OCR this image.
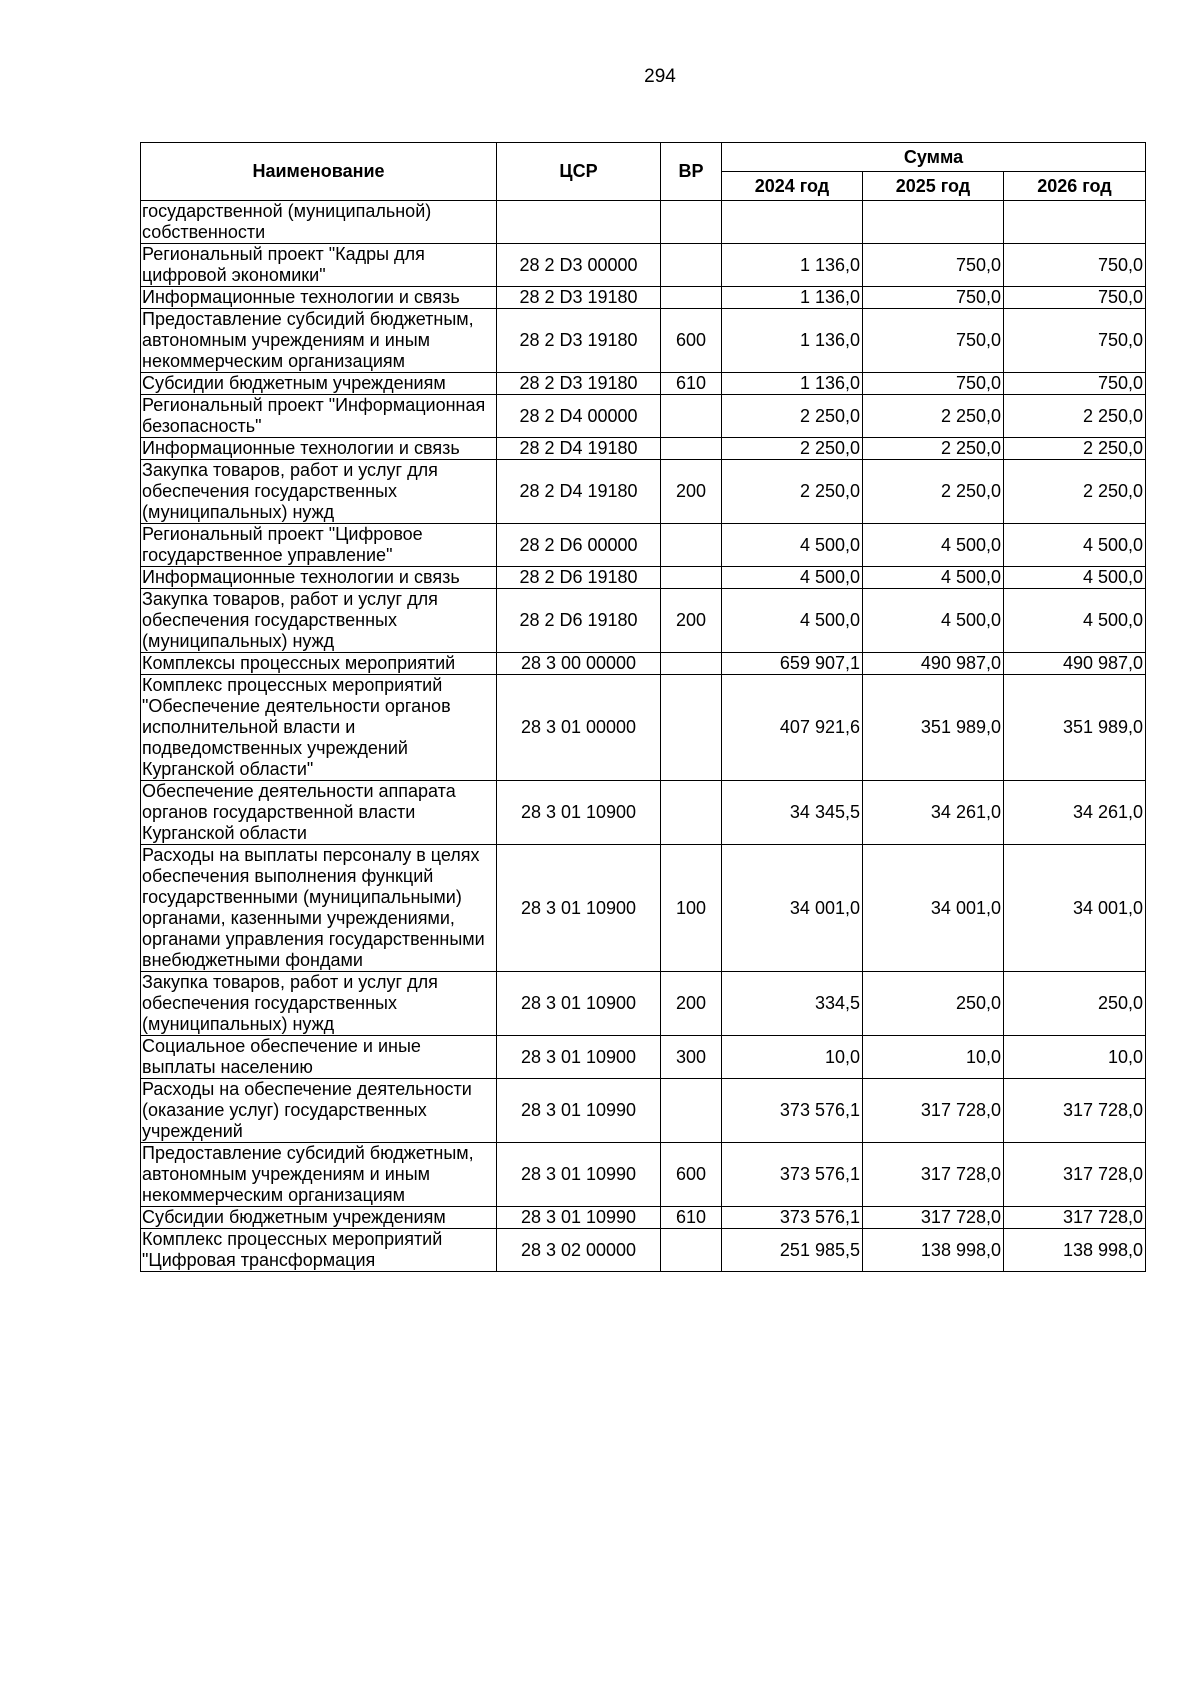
294
Наименование	ЦСР	ВР	Сумма		
			2024 год	2025 год	2026 год
государственной (муниципальной) собственности					
Региональный проект "Кадры для цифровой экономики"	28 2 D3 00000		1 136,0	750,0	750,0
Информационные технологии и связь	28 2 D3 19180		1 136,0	750,0	750,0
Предоставление субсидий бюджетным, автономным учреждениям и иным некоммерческим организациям	28 2 D3 19180	600	1 136,0	750,0	750,0
Субсидии бюджетным учреждениям	28 2 D3 19180	610	1 136,0	750,0	750,0
Региональный проект "Информационная безопасность"	28 2 D4 00000		2 250,0	2 250,0	2 250,0
Информационные технологии и связь	28 2 D4 19180		2 250,0	2 250,0	2 250,0
Закупка товаров, работ и услуг для обеспечения государственных (муниципальных) нужд	28 2 D4 19180	200	2 250,0	2 250,0	2 250,0
Региональный проект "Цифровое государственное управление"	28 2 D6 00000		4 500,0	4 500,0	4 500,0
Информационные технологии и связь	28 2 D6 19180		4 500,0	4 500,0	4 500,0
Закупка товаров, работ и услуг для обеспечения государственных (муниципальных) нужд	28 2 D6 19180	200	4 500,0	4 500,0	4 500,0
Комплексы процессных мероприятий	28 3 00 00000		659 907,1	490 987,0	490 987,0
Комплекс процессных мероприятий "Обеспечение деятельности органов исполнительной власти и подведомственных учреждений Курганской области"	28 3 01 00000		407 921,6	351 989,0	351 989,0
Обеспечение деятельности аппарата органов государственной власти Курганской области	28 3 01 10900		34 345,5	34 261,0	34 261,0
Расходы на выплаты персоналу в целях обеспечения выполнения функций государственными (муниципальными) органами, казенными учреждениями, органами управления государственными внебюджетными фондами	28 3 01 10900	100	34 001,0	34 001,0	34 001,0
Закупка товаров, работ и услуг для обеспечения государственных (муниципальных) нужд	28 3 01 10900	200	334,5	250,0	250,0
Социальное обеспечение и иные выплаты населению	28 3 01 10900	300	10,0	10,0	10,0
Расходы на обеспечение деятельности (оказание услуг) государственных учреждений	28 3 01 10990		373 576,1	317 728,0	317 728,0
Предоставление субсидий бюджетным, автономным учреждениям и иным некоммерческим организациям	28 3 01 10990	600	373 576,1	317 728,0	317 728,0
Субсидии бюджетным учреждениям	28 3 01 10990	610	373 576,1	317 728,0	317 728,0
Комплекс процессных мероприятий "Цифровая трансформация	28 3 02 00000		251 985,5	138 998,0	138 998,0
